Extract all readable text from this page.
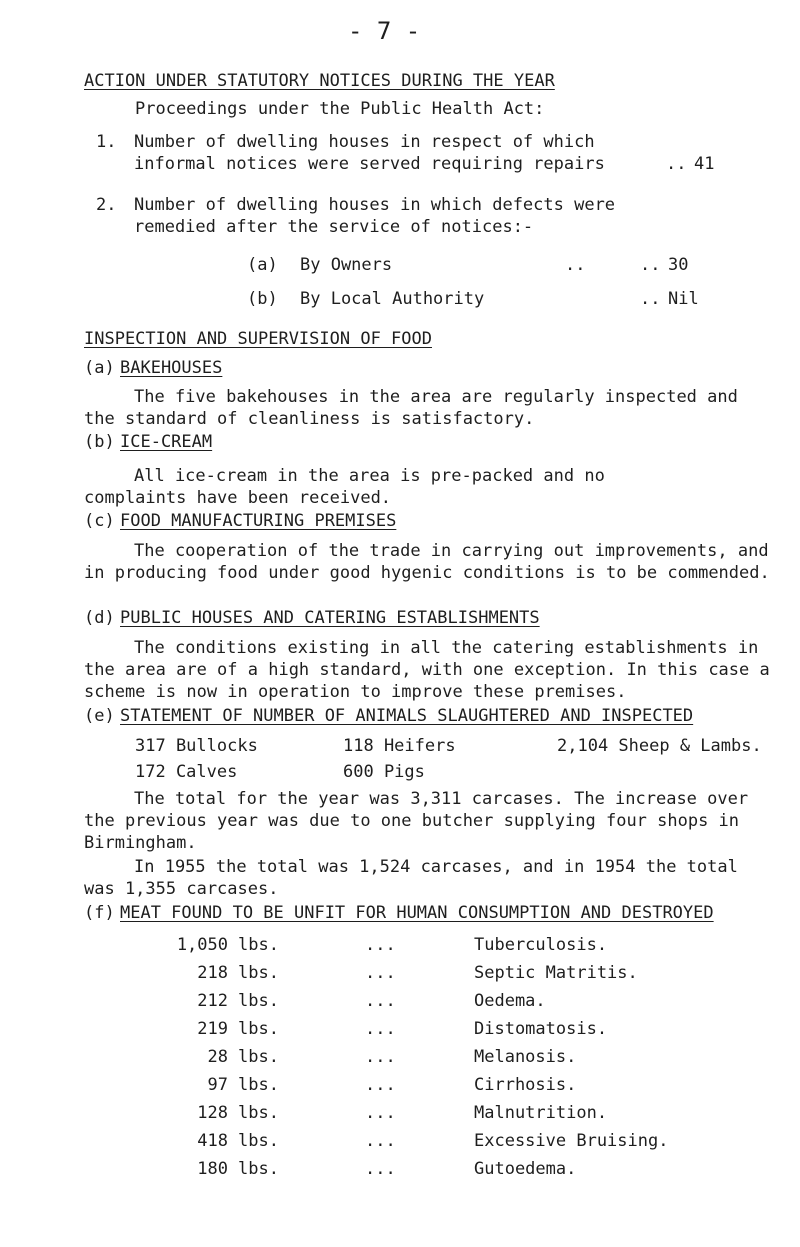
- 7 -
ACTION UNDER STATUTORY NOTICES DURING THE YEAR
Proceedings under the Public Health Act:
1. Number of dwelling houses in respect of which
informal notices were served requiring repairs	.. 41
2. Number of dwelling houses in which defects were
remedied after the service of notices:-
(a) By Owners	..	.. 30
(b) By Local Authority	.. Nil
INSPECTION AND SUPERVISION OF FOOD
(a) BAKEHOUSES
The five bakehouses in the area are regularly inspected and the standard of cleanliness is satisfactory.
(b) ICE-CREAM
All ice-cream in the area is pre-packed and no complaints have been received.
(c) FOOD MANUFACTURING PREMISES
The cooperation of the trade in carrying out improvements, and in producing food under good hygenic conditions is to be commended.
(d) PUBLIC HOUSES AND CATERING ESTABLISHMENTS
The conditions existing in all the catering establishments in the area are of a high standard, with one exception. In this case a scheme is now in operation to improve these premises.
(e) STATEMENT OF NUMBER OF ANIMALS SLAUGHTERED AND INSPECTED
317 Bullocks	118 Heifers	2,104 Sheep & Lambs.
172 Calves	600 Pigs
The total for the year was 3,311 carcases. The increase over the previous year was due to one butcher supplying four shops in Birmingham.
In 1955 the total was 1,524 carcases, and in 1954 the total was 1,355 carcases.
(f) MEAT FOUND TO BE UNFIT FOR HUMAN CONSUMPTION AND DESTROYED
1,050 lbs.	...	Tuberculosis.
218 lbs.	...	Septic Matritis.
212 lbs.	...	Oedema.
219 lbs.	...	Distomatosis.
28 lbs.	...	Melanosis.
97 lbs.	...	Cirrhosis.
128 lbs.	...	Malnutrition.
418 lbs.	...	Excessive Bruising.
180 lbs.	...	Gutoedema.
